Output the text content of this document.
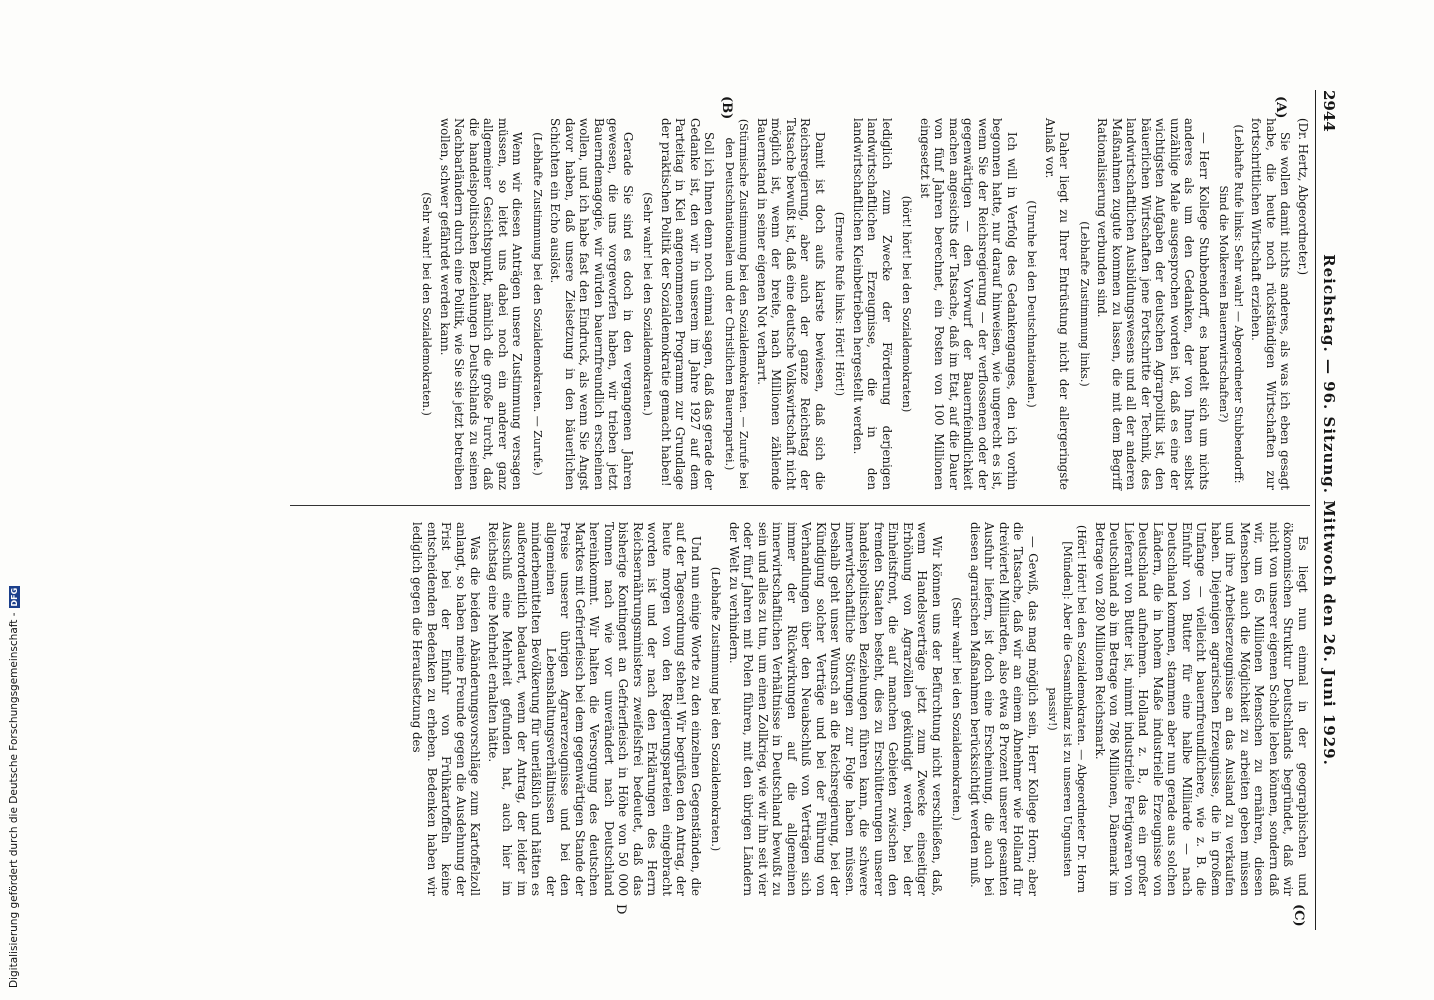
2944
Reichstag. — 96. Sitzung. Mittwoch den 26. Juni 1929.
(A)
(B)
(C)
D

(Dr. Hertz, Abgeordneter.)

Sie wollen damit nichts anderes, als was ich eben gesagt habe, die heute noch rückständigen Wirtschaften zur fortschrittlichen Wirtschaft erziehen.

(Lebhafte Rufe links: Sehr wahr! — Abgeordneter Stubbendorff: Sind die Molkereien Bauernwirtschaften?)

— Herr Kollege Stubbendorff, es handelt sich um nichts anderes als um den Gedanken, der von Ihnen selbst unzählige Male ausgesprochen worden ist, daß es eine der wichtigsten Aufgaben der deutschen Agrarpolitik ist, den bäuerlichen Wirtschaften jene Fortschritte der Technik, des landwirtschaftlichen Ausbildungswesens und all der anderen Maßnahmen zugute kommen zu lassen, die mit dem Begriff Rationalisierung verbunden sind.

(Lebhafte Zustimmung links.)

Daher liegt zu Ihrer Entrüstung nicht der allergeringste Anlaß vor.

(Unruhe bei den Deutschnationalen.)

Ich will in Verfolg des Gedankenganges, den ich vorhin begonnen hatte, nur darauf hinweisen, wie ungerecht es ist, wenn Sie der Reichsregierung — der verflossenen oder der gegenwärtigen — den Vorwurf der Bauernfeindlichkeit machen angesichts der Tatsache, daß im Etat, auf die Dauer von fünf Jahren berechnet, ein Posten von 100 Millionen eingesetzt ist

(hört! hört! bei den Sozialdemokraten)

lediglich zum Zwecke der Förderung derjenigen landwirtschaftlichen Erzeugnisse, die in den landwirtschaftlichen Kleinbetrieben hergestellt werden.

(Erneute Rufe links: Hört! Hört!)

Damit ist doch aufs klarste bewiesen, daß sich die Reichsregierung, aber auch der ganze Reichstag der Tatsache bewußt ist, daß eine deutsche Volkswirtschaft nicht möglich ist, wenn der breite, nach Millionen zählende Bauernstand in seiner eigenen Not verharrt.

(Stürmische Zustimmung bei den Sozialdemokraten. — Zurufe bei den Deutschnationalen und der Christlichen Bauernpartei.)

Soll ich Ihnen denn noch einmal sagen, daß das gerade der Gedanke ist, den wir in unserem im Jahre 1927 auf dem Parteitag in Kiel angenommenen Programm zur Grundlage der praktischen Politik der Sozialdemokratie gemacht haben!

(Sehr wahr! bei den Sozialdemokraten.)

Gerade Sie sind es doch in den vergangenen Jahren gewesen, die uns vorgeworfen haben, wir trieben jetzt Bauerndemagogie, wir würden bauernfreundlich erscheinen wollen, und ich habe fast den Eindruck, als wenn Sie Angst davor haben, daß unsere Zielsetzung in den bäuerlichen Schichten ein Echo auslöst.

(Lebhafte Zustimmung bei den Sozialdemokraten. — Zurufe.)

Wenn wir diesen Anträgen unsere Zustimmung versagen müssen, so leitet uns dabei noch ein anderer ganz allgemeiner Gesichtspunkt, nämlich die große Furcht, daß die handelspolitischen Beziehungen Deutschlands zu seinen Nachbarländern durch eine Politik, wie Sie sie jetzt betreiben wollen, schwer gefährdet werden kann.

(Sehr wahr! bei den Sozialdemokraten.)

Es liegt nun einmal in der geographischen und ökonomischen Struktur Deutschlands begründet, daß wir nicht von unserer eigenen Scholle leben können, sondern daß wir, um 65 Millionen Menschen zu ernähren, diesen Menschen auch die Möglichkeit zu arbeiten geben müssen und ihre Arbeitserzeugnisse an das Ausland zu verkaufen haben. Diejenigen agrarischen Erzeugnisse, die in großem Umfange — vielleicht bauernfreundlichere, wie z. B. die Einfuhr von Butter für eine halbe Milliarde — nach Deutschland kommen, stammen aber nun gerade aus solchen Ländern, die in hohem Maße industrielle Erzeugnisse von Deutschland aufnehmen. Holland z. B., das ein großer Lieferant von Butter ist, nimmt industrielle Fertigwaren von Deutschland ab im Betrage von 786 Millionen, Dänemark im Betrage von 280 Millionen Reichsmark.

(Hört! Hört! bei den Sozialdemokraten. — Abgeordneter Dr. Horn [Münden]: Aber die Gesamtbilanz ist zu unseren Ungunsten passiv!)

— Gewiß, das mag möglich sein, Herr Kollege Horn; aber die Tatsache, daß wir an einem Abnehmer wie Holland für dreiviertel Milliarden, also etwa 8 Prozent unserer gesamten Ausfuhr liefern, ist doch eine Erscheinung, die auch bei diesen agrarischen Maßnahmen berücksichtigt werden muß.

(Sehr wahr! bei den Sozialdemokraten.)

Wir können uns der Befürchtung nicht verschließen, daß, wenn Handelsverträge jetzt zum Zwecke einseitiger Erhöhung von Agrarzöllen gekündigt werden, bei der Einheitsfront, die auf manchen Gebieten zwischen den fremden Staaten besteht, dies zu Erschütterungen unserer handelspolitischen Beziehungen führen kann, die schwere innerwirtschaftliche Störungen zur Folge haben müssen. Deshalb geht unser Wunsch an die Reichsregierung, bei der Kündigung solcher Verträge und bei der Führung von Verhandlungen über den Neuabschluß von Verträgen sich immer der Rückwirkungen auf die allgemeinen innerwirtschaftlichen Verhältnisse in Deutschland bewußt zu sein und alles zu tun, um einen Zollkrieg, wie wir ihn seit vier oder fünf Jahren mit Polen führen, mit den übrigen Ländern der Welt zu verhindern.

(Lebhafte Zustimmung bei den Sozialdemokraten.)

Und nun einige Worte zu den einzelnen Gegenständen, die auf der Tagesordnung stehen! Wir begrüßen den Antrag, der heute morgen von den Regierungsparteien eingebracht worden ist und der nach den Erklärungen des Herrn Reichsernährungsministers zweifelsfrei bedeutet, daß das bisherige Kontingent an Gefrierfleisch in Höhe von 50 000 Tonnen nach wie vor unverändert nach Deutschland hereinkommt. Wir halten die Versorgung des deutschen Marktes mit Gefrierfleisch bei dem gegenwärtigen Stande der Preise unserer übrigen Agrarerzeugnisse und bei den allgemeinen Lebenshaltungsverhältnissen der minderbemittelten Bevölkerung für unerläßlich und hätten es außerordentlich bedauert, wenn der Antrag, der leider im Ausschuß eine Mehrheit gefunden hat, auch hier im Reichstag eine Mehrheit erhalten hätte.

Was die beiden Abänderungsvorschläge zum Kartoffelzoll anlangt, so haben meine Freunde gegen die Ausdehnung der Frist bei der Einfuhr von Frühkartoffeln keine entscheidenden Bedenken zu erheben. Bedenken haben wir lediglich gegen die Heraufsetzung des

Digitalisierung gefördert durch die Deutsche Forschungsgemeinschaft -
DFG
